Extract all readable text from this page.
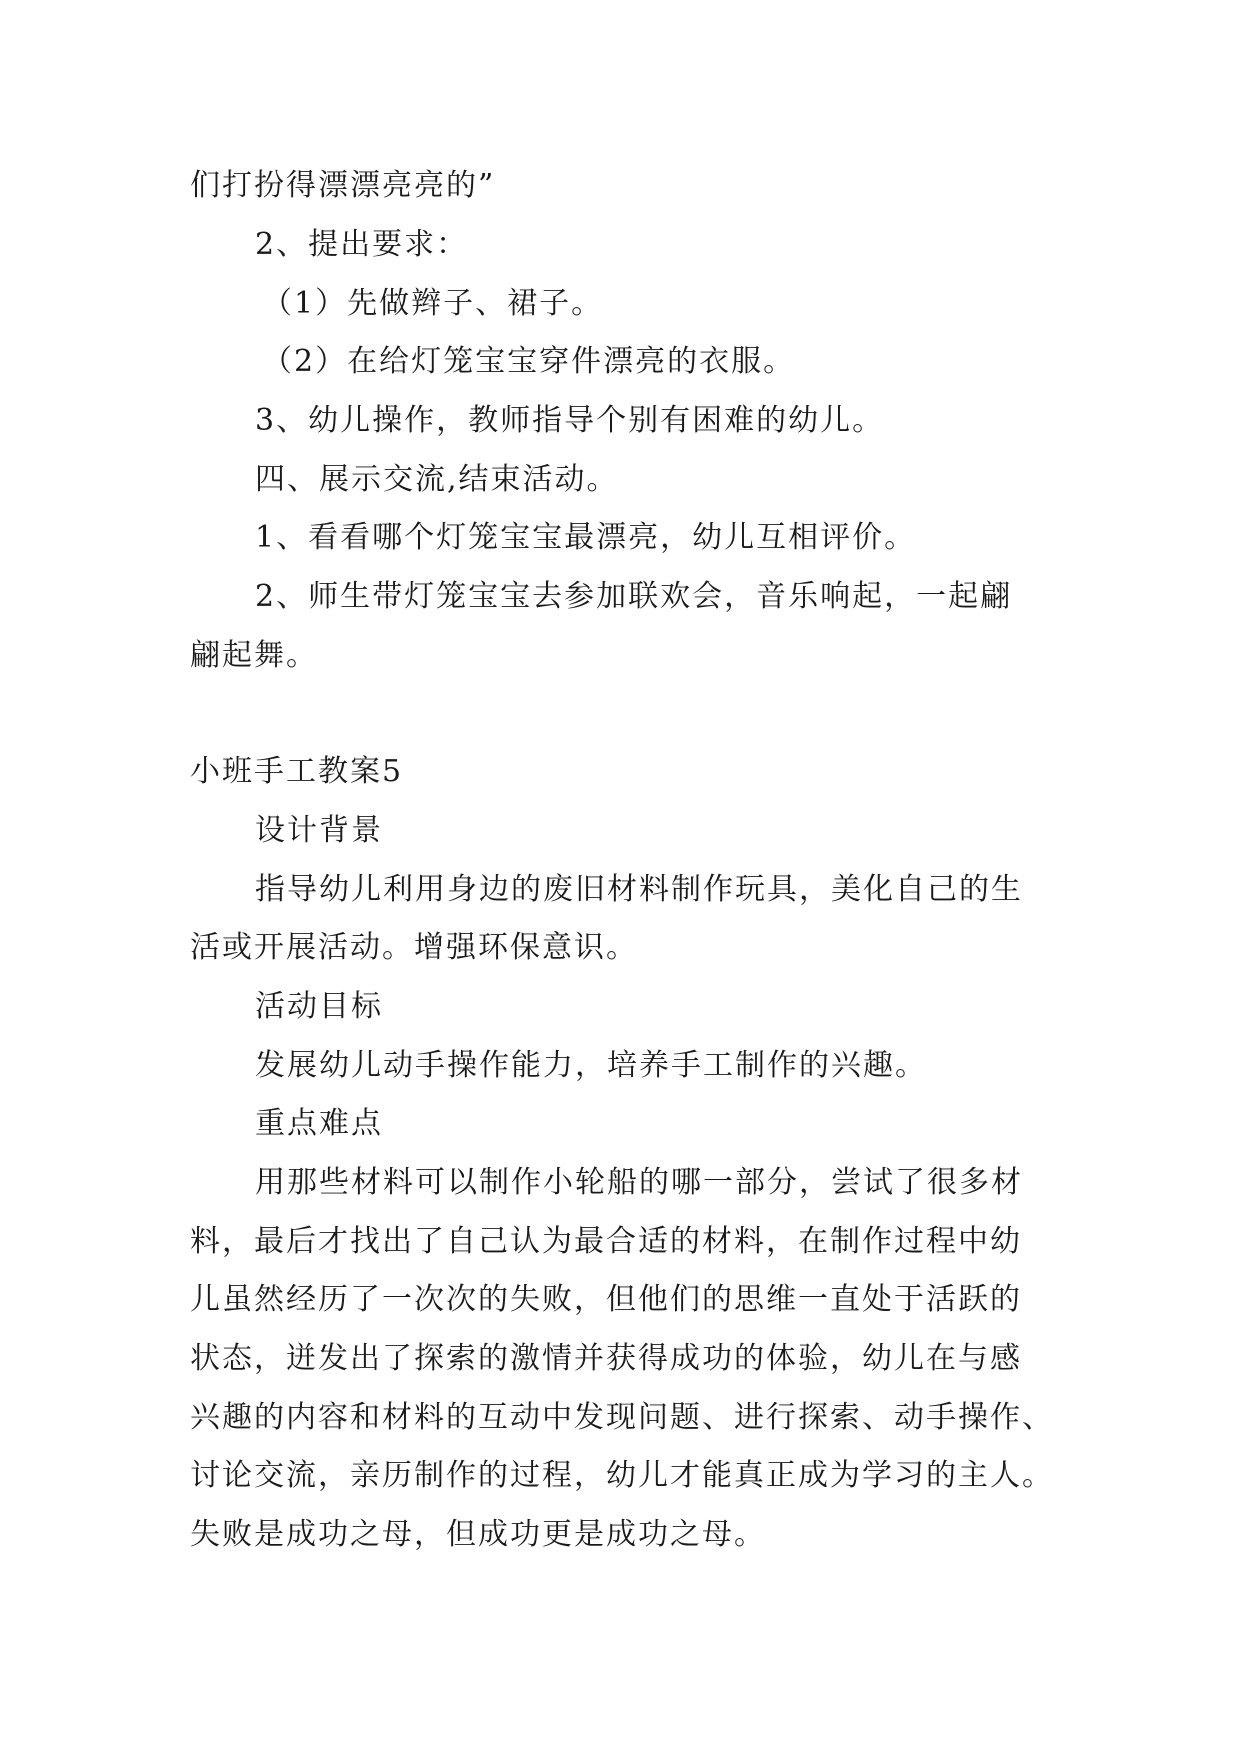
们打扮得漂漂亮亮的”
2、提出要求：
（1）先做辫子、裙子。
（2）在给灯笼宝宝穿件漂亮的衣服。
3、幼儿操作，教师指导个别有困难的幼儿。
四、展示交流,结束活动。
1、看看哪个灯笼宝宝最漂亮，幼儿互相评价。
2、师生带灯笼宝宝去参加联欢会，音乐响起，一起翩
翩起舞。
小班手工教案5
设计背景
指导幼儿利用身边的废旧材料制作玩具，美化自己的生
活或开展活动。增强环保意识。
活动目标
发展幼儿动手操作能力，培养手工制作的兴趣。
重点难点
用那些材料可以制作小轮船的哪一部分，尝试了很多材
料，最后才找出了自己认为最合适的材料，在制作过程中幼
儿虽然经历了一次次的失败，但他们的思维一直处于活跃的
状态，迸发出了探索的激情并获得成功的体验，幼儿在与感
兴趣的内容和材料的互动中发现问题、进行探索、动手操作、
讨论交流，亲历制作的过程，幼儿才能真正成为学习的主人。
失败是成功之母，但成功更是成功之母。
